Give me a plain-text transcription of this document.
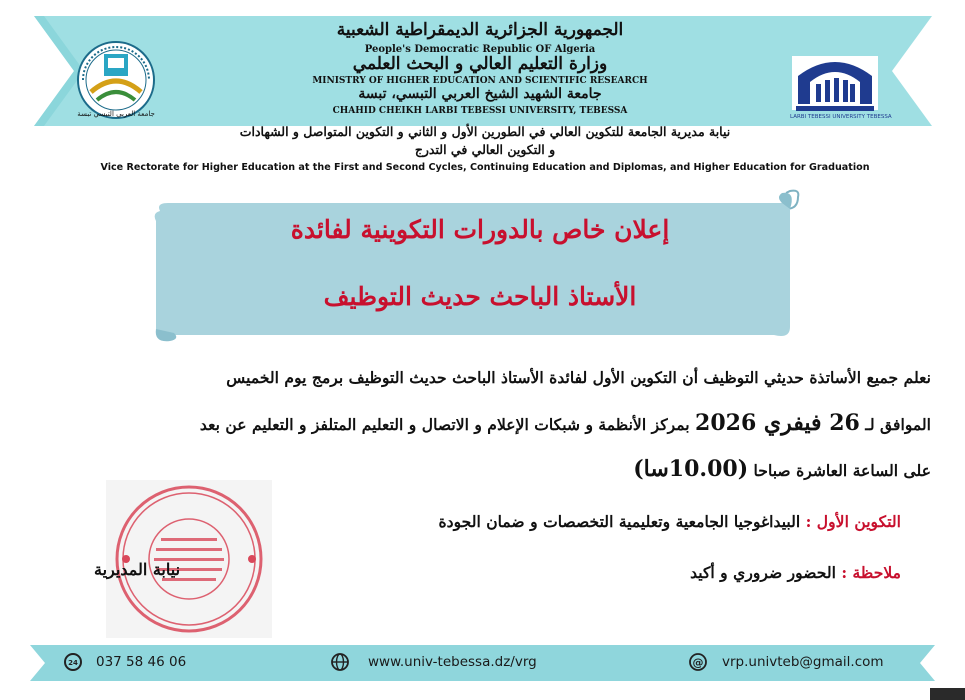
جامعة العربي التبسي تبسة	LARBI TEBESSI UNIVERSITY TEBESSA
الجمهورية الجزائرية الديمقراطية الشعبية
People's Democratic Republic OF Algeria
وزارة التعليم العالي و البحث العلمي
MINISTRY OF HIGHER EDUCATION AND SCIENTIFIC RESEARCH
جامعة الشهيد الشيخ العربي التبسي، تبسة
CHAHID CHEIKH LARBI TEBESSI UNIVERSITY, TEBESSA
نيابة مديرية الجامعة للتكوين العالي في الطورين الأول و الثاني و التكوين المتواصل و الشهادات
و التكوين العالي في التدرج
Vice Rectorate for Higher Education at the First and Second Cycles, Continuing Education and Diplomas, and Higher Education for Graduation
إعلان خاص بالدورات التكوينية لفائدة
الأستاذ الباحث حديث التوظيف
نعلم جميع الأساتذة حديثي التوظيف أن التكوين الأول لفائدة الأستاذ الباحث حديث التوظيف برمج يوم الخميس
الموافق لـ 26 فيفري 2026 بمركز الأنظمة و شبكات الإعلام و الاتصال و التعليم المتلفز و التعليم عن بعد
على الساعة العاشرة صباحا (10.00سا)
التكوين الأول : البيداغوجيا الجامعية وتعليمية التخصصات و ضمان الجودة
ملاحظة : الحضور ضروري و أكيد
نيابة المديرية
24 037 58 46 06	www.univ-tebessa.dz/vrg	@ vrp.univteb@gmail.com
